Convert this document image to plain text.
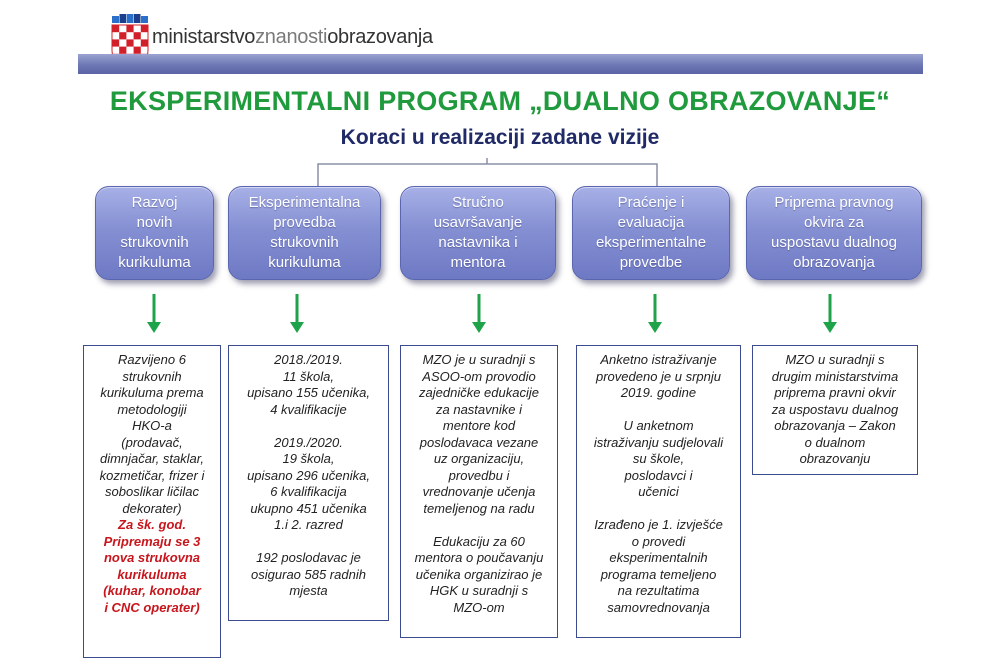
ministarstvoznanostiobrazovanja
EKSPERIMENTALNI PROGRAM „DUALNO OBRAZOVANJE“
Koraci u realizaciji zadane vizije
Razvoj
novih
strukovnih
kurikuluma
Eksperimentalna
provedba
strukovnih
kurikuluma
Stručno
usavršavanje
nastavnika i
mentora
Praćenje i
evaluacija
eksperimentalne
provedbe
Priprema pravnog
okvira za
uspostavu dualnog
obrazovanja
Razvijeno 6
strukovnih
kurikuluma prema
metodologiji
HKO-a
(prodavač,
dimnjačar, staklar,
kozmetičar, frizer i
soboslikar ličilac
dekorater)
Za šk. god.
Pripremaju se 3
nova strukovna
kurikuluma
(kuhar, konobar
i CNC operater)
2018./2019.
11 škola,
upisano 155 učenika,
4 kvalifikacije

2019./2020.
19 škola,
upisano 296 učenika,
6 kvalifikacija
ukupno 451 učenika
1.i 2. razred

192 poslodavac je
osigurao 585 radnih
mjesta
MZO je u suradnji s
ASOO-om provodio
zajedničke edukacije
za nastavnike i
mentore kod
poslodavaca vezane
uz organizaciju,
provedbu i
vrednovanje učenja
temeljenog na radu

Edukaciju za 60
mentora o poučavanju
učenika organizirao je
HGK u suradnji s
MZO-om
Anketno istraživanje
provedeno je u srpnju
2019. godine

U anketnom
istraživanju sudjelovali
su škole,
poslodavci i
učenici

Izrađeno je 1. izvješće
o provedi
eksperimentalnih
programa temeljeno
na rezultatima
samovrednovanja
MZO u suradnji s
drugim ministarstvima
priprema pravni okvir
za uspostavu dualnog
obrazovanja – Zakon
o dualnom
obrazovanju
